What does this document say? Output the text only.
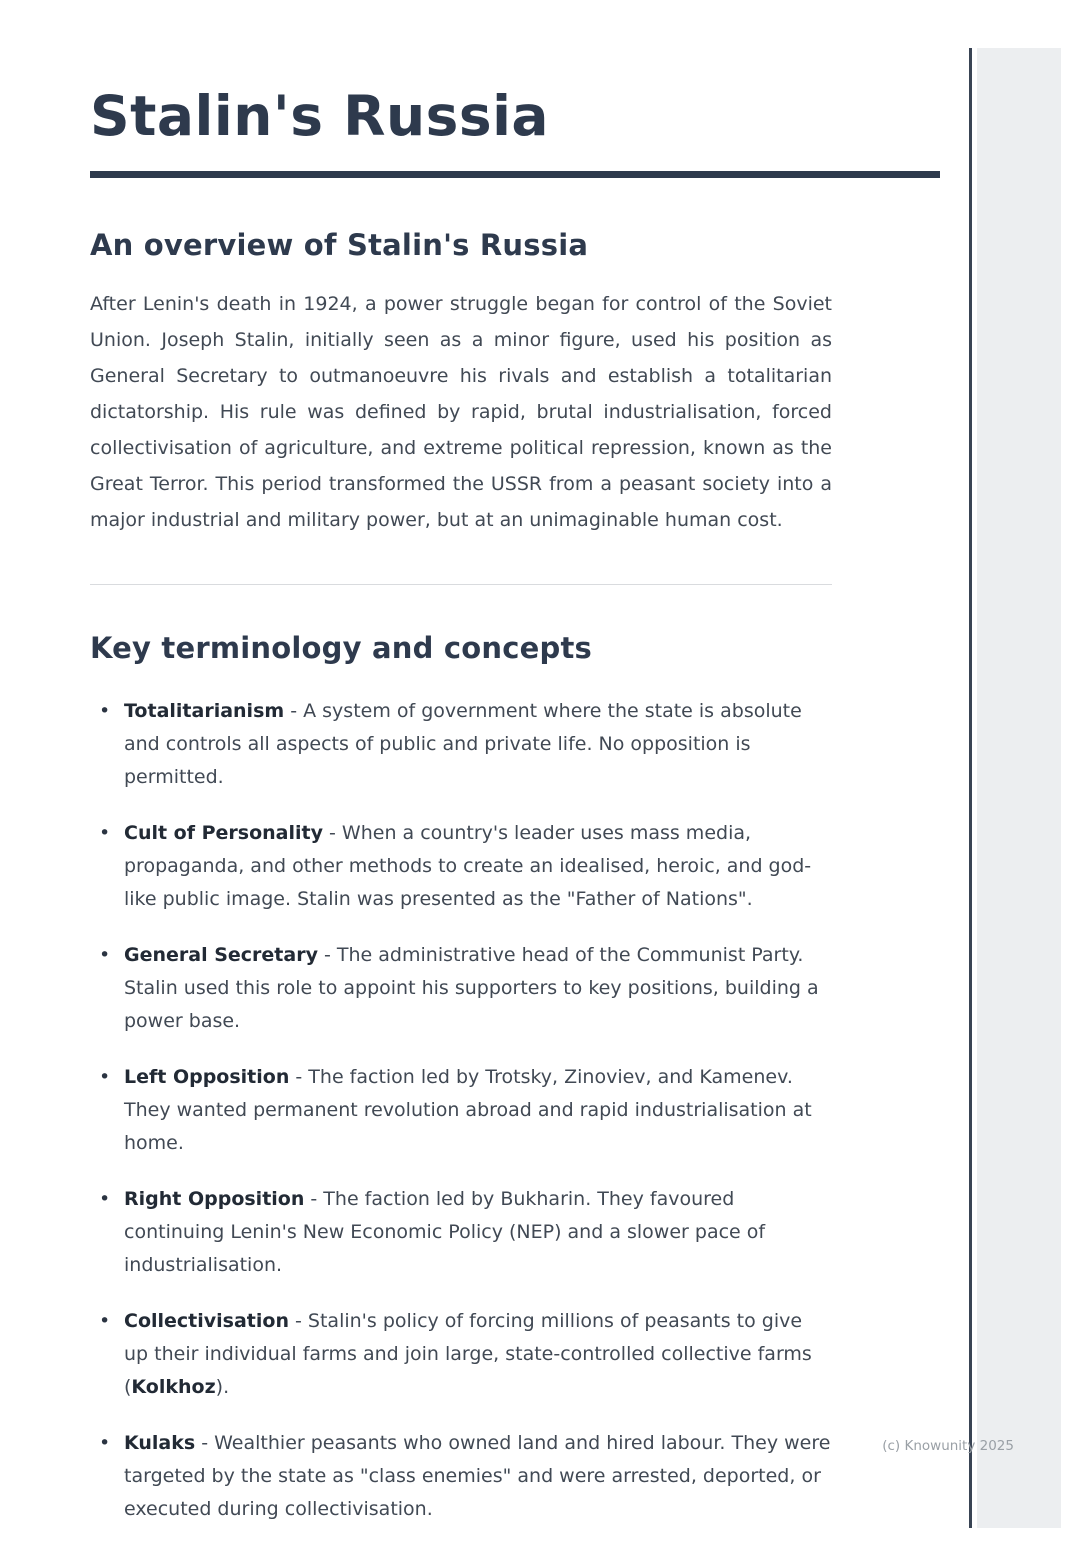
Stalin's Russia
An overview of Stalin's Russia

After Lenin's death in 1924, a power struggle began for control of the Soviet Union. Joseph Stalin, initially seen as a minor figure, used his position as General Secretary to outmanoeuvre his rivals and establish a totalitarian dictatorship. His rule was defined by rapid, brutal industrialisation, forced collectivisation of agriculture, and extreme political repression, known as the Great Terror. This period transformed the USSR from a peasant society into a major industrial and military power, but at an unimaginable human cost.

Key terminology and concepts
• Totalitarianism - A system of government where the state is absolute and controls all aspects of public and private life. No opposition is permitted.
• Cult of Personality - When a country's leader uses mass media, propaganda, and other methods to create an idealised, heroic, and god-like public image. Stalin was presented as the "Father of Nations".
• General Secretary - The administrative head of the Communist Party. Stalin used this role to appoint his supporters to key positions, building a power base.
• Left Opposition - The faction led by Trotsky, Zinoviev, and Kamenev. They wanted permanent revolution abroad and rapid industrialisation at home.
• Right Opposition - The faction led by Bukharin. They favoured continuing Lenin's New Economic Policy (NEP) and a slower pace of industrialisation.
• Collectivisation - Stalin's policy of forcing millions of peasants to give up their individual farms and join large, state-controlled collective farms (Kolkhoz).
• Kulaks - Wealthier peasants who owned land and hired labour. They were targeted by the state as "class enemies" and were arrested, deported, or executed during collectivisation.
(c) Knowunity 2025
